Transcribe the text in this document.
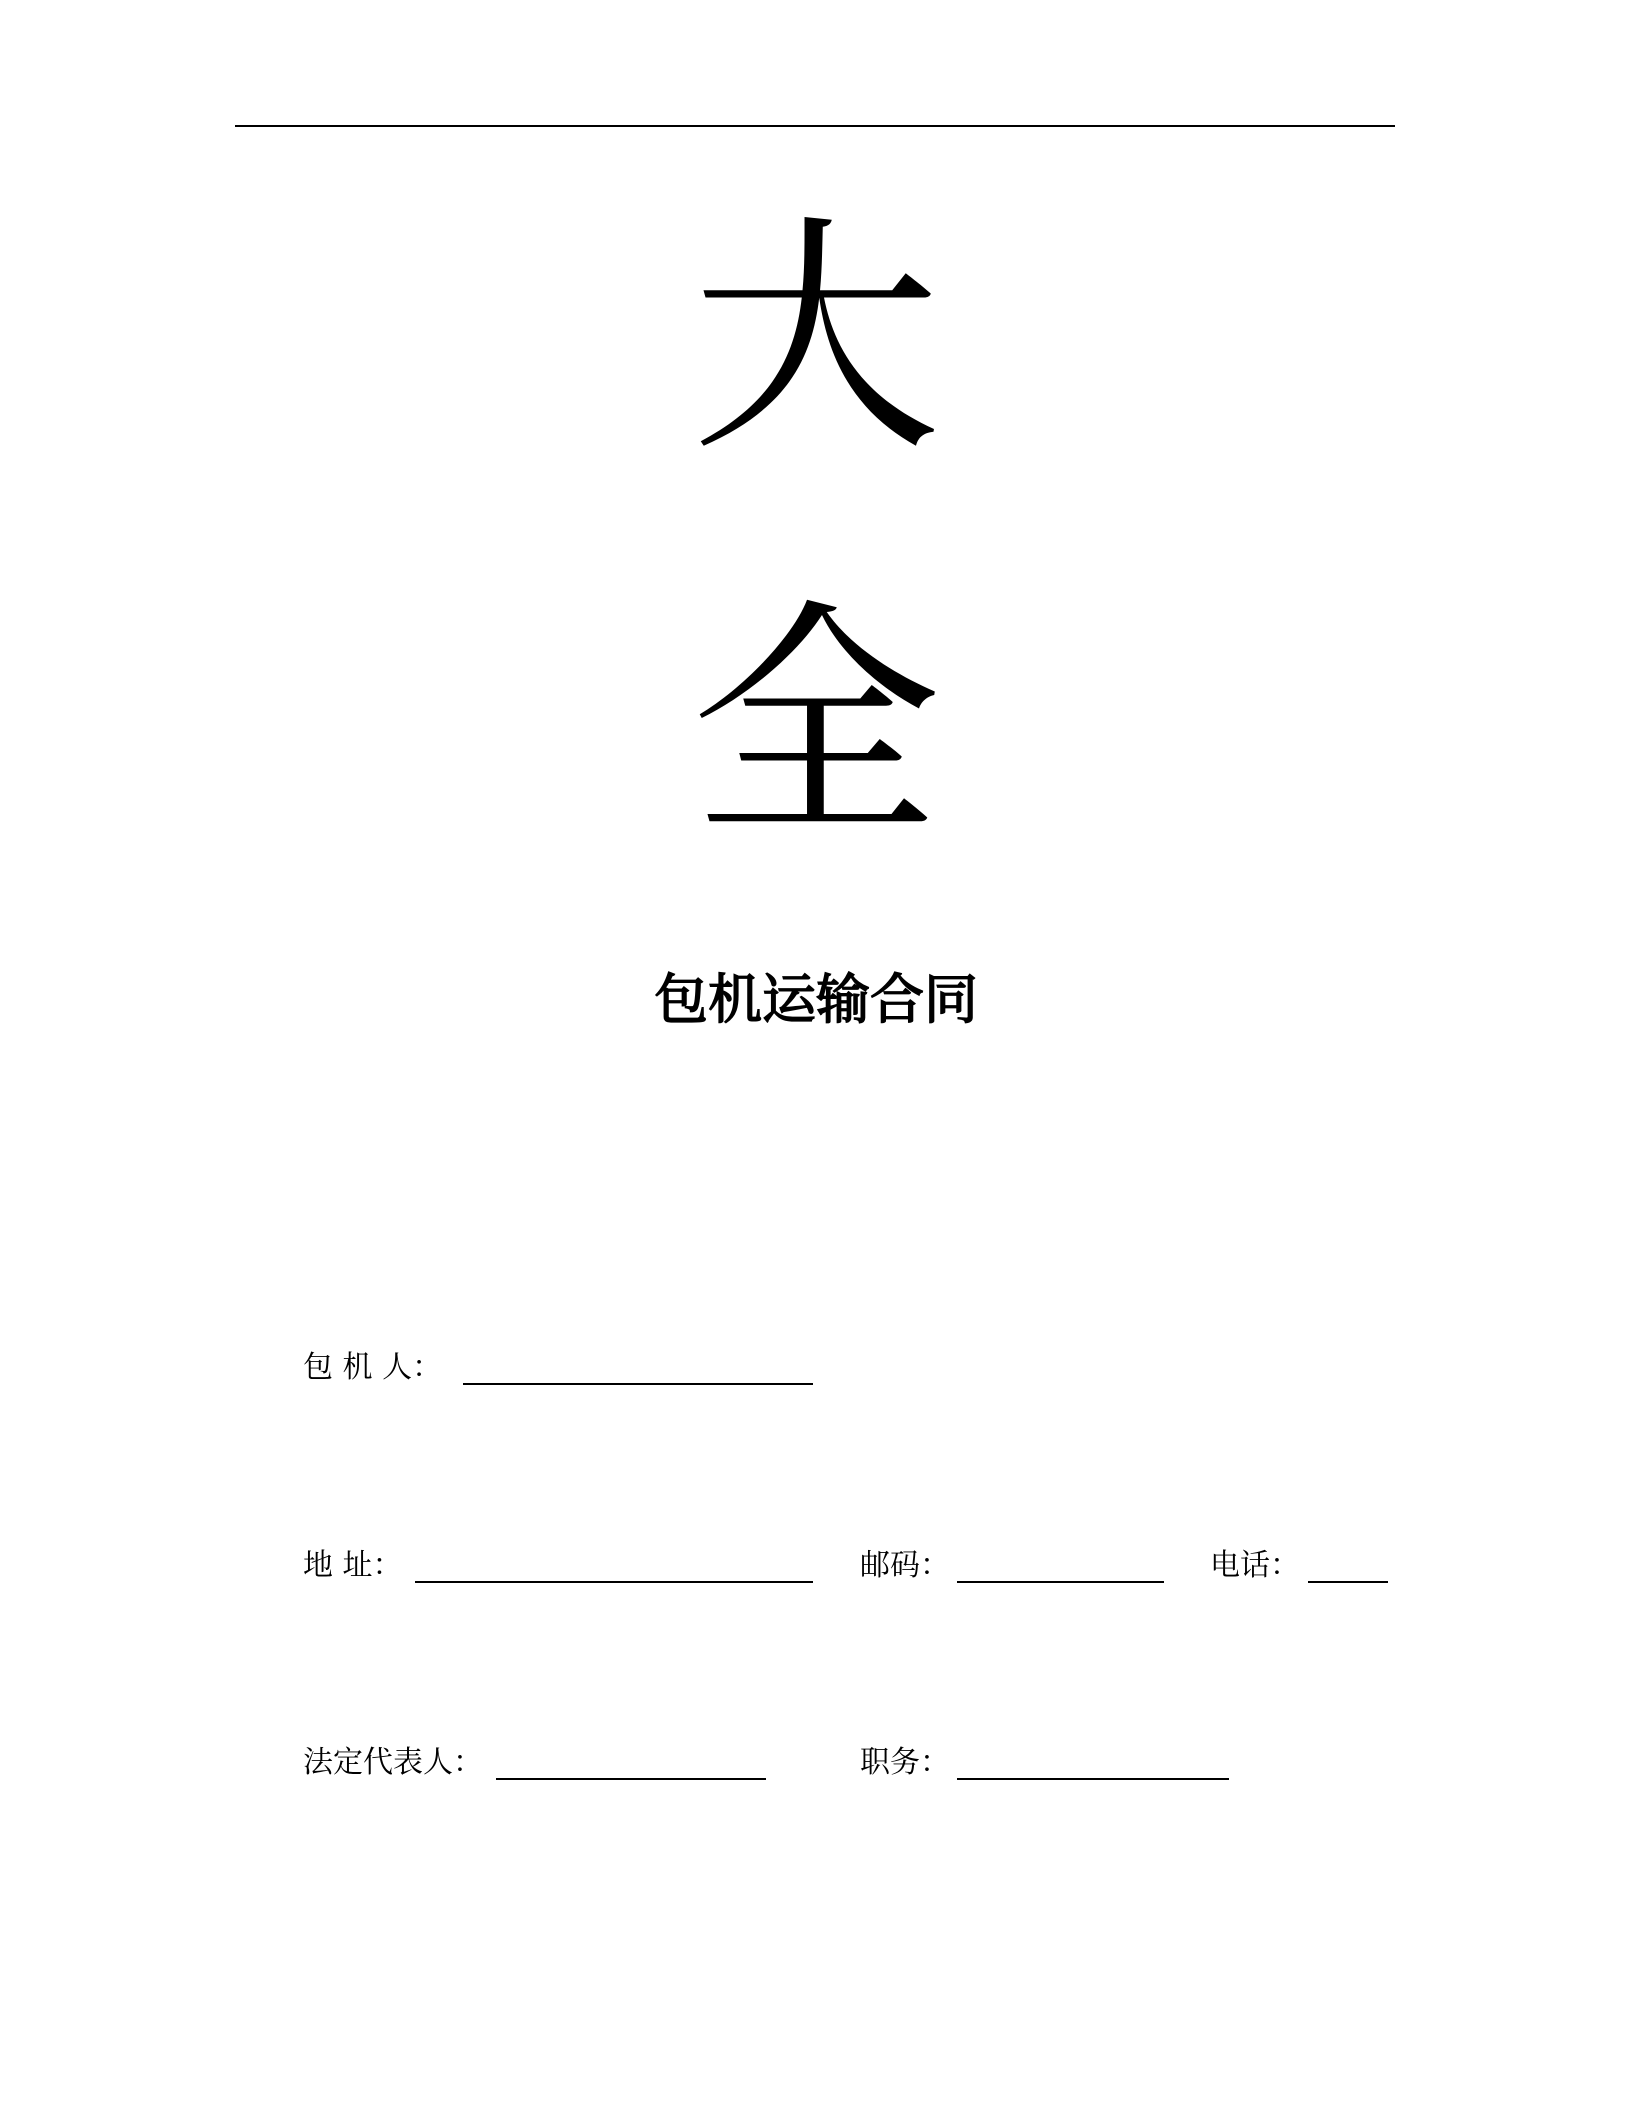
大
全
包机运输合同
包 机 人：
地 址：	邮码：	电话：
法定代表人：	职务：
